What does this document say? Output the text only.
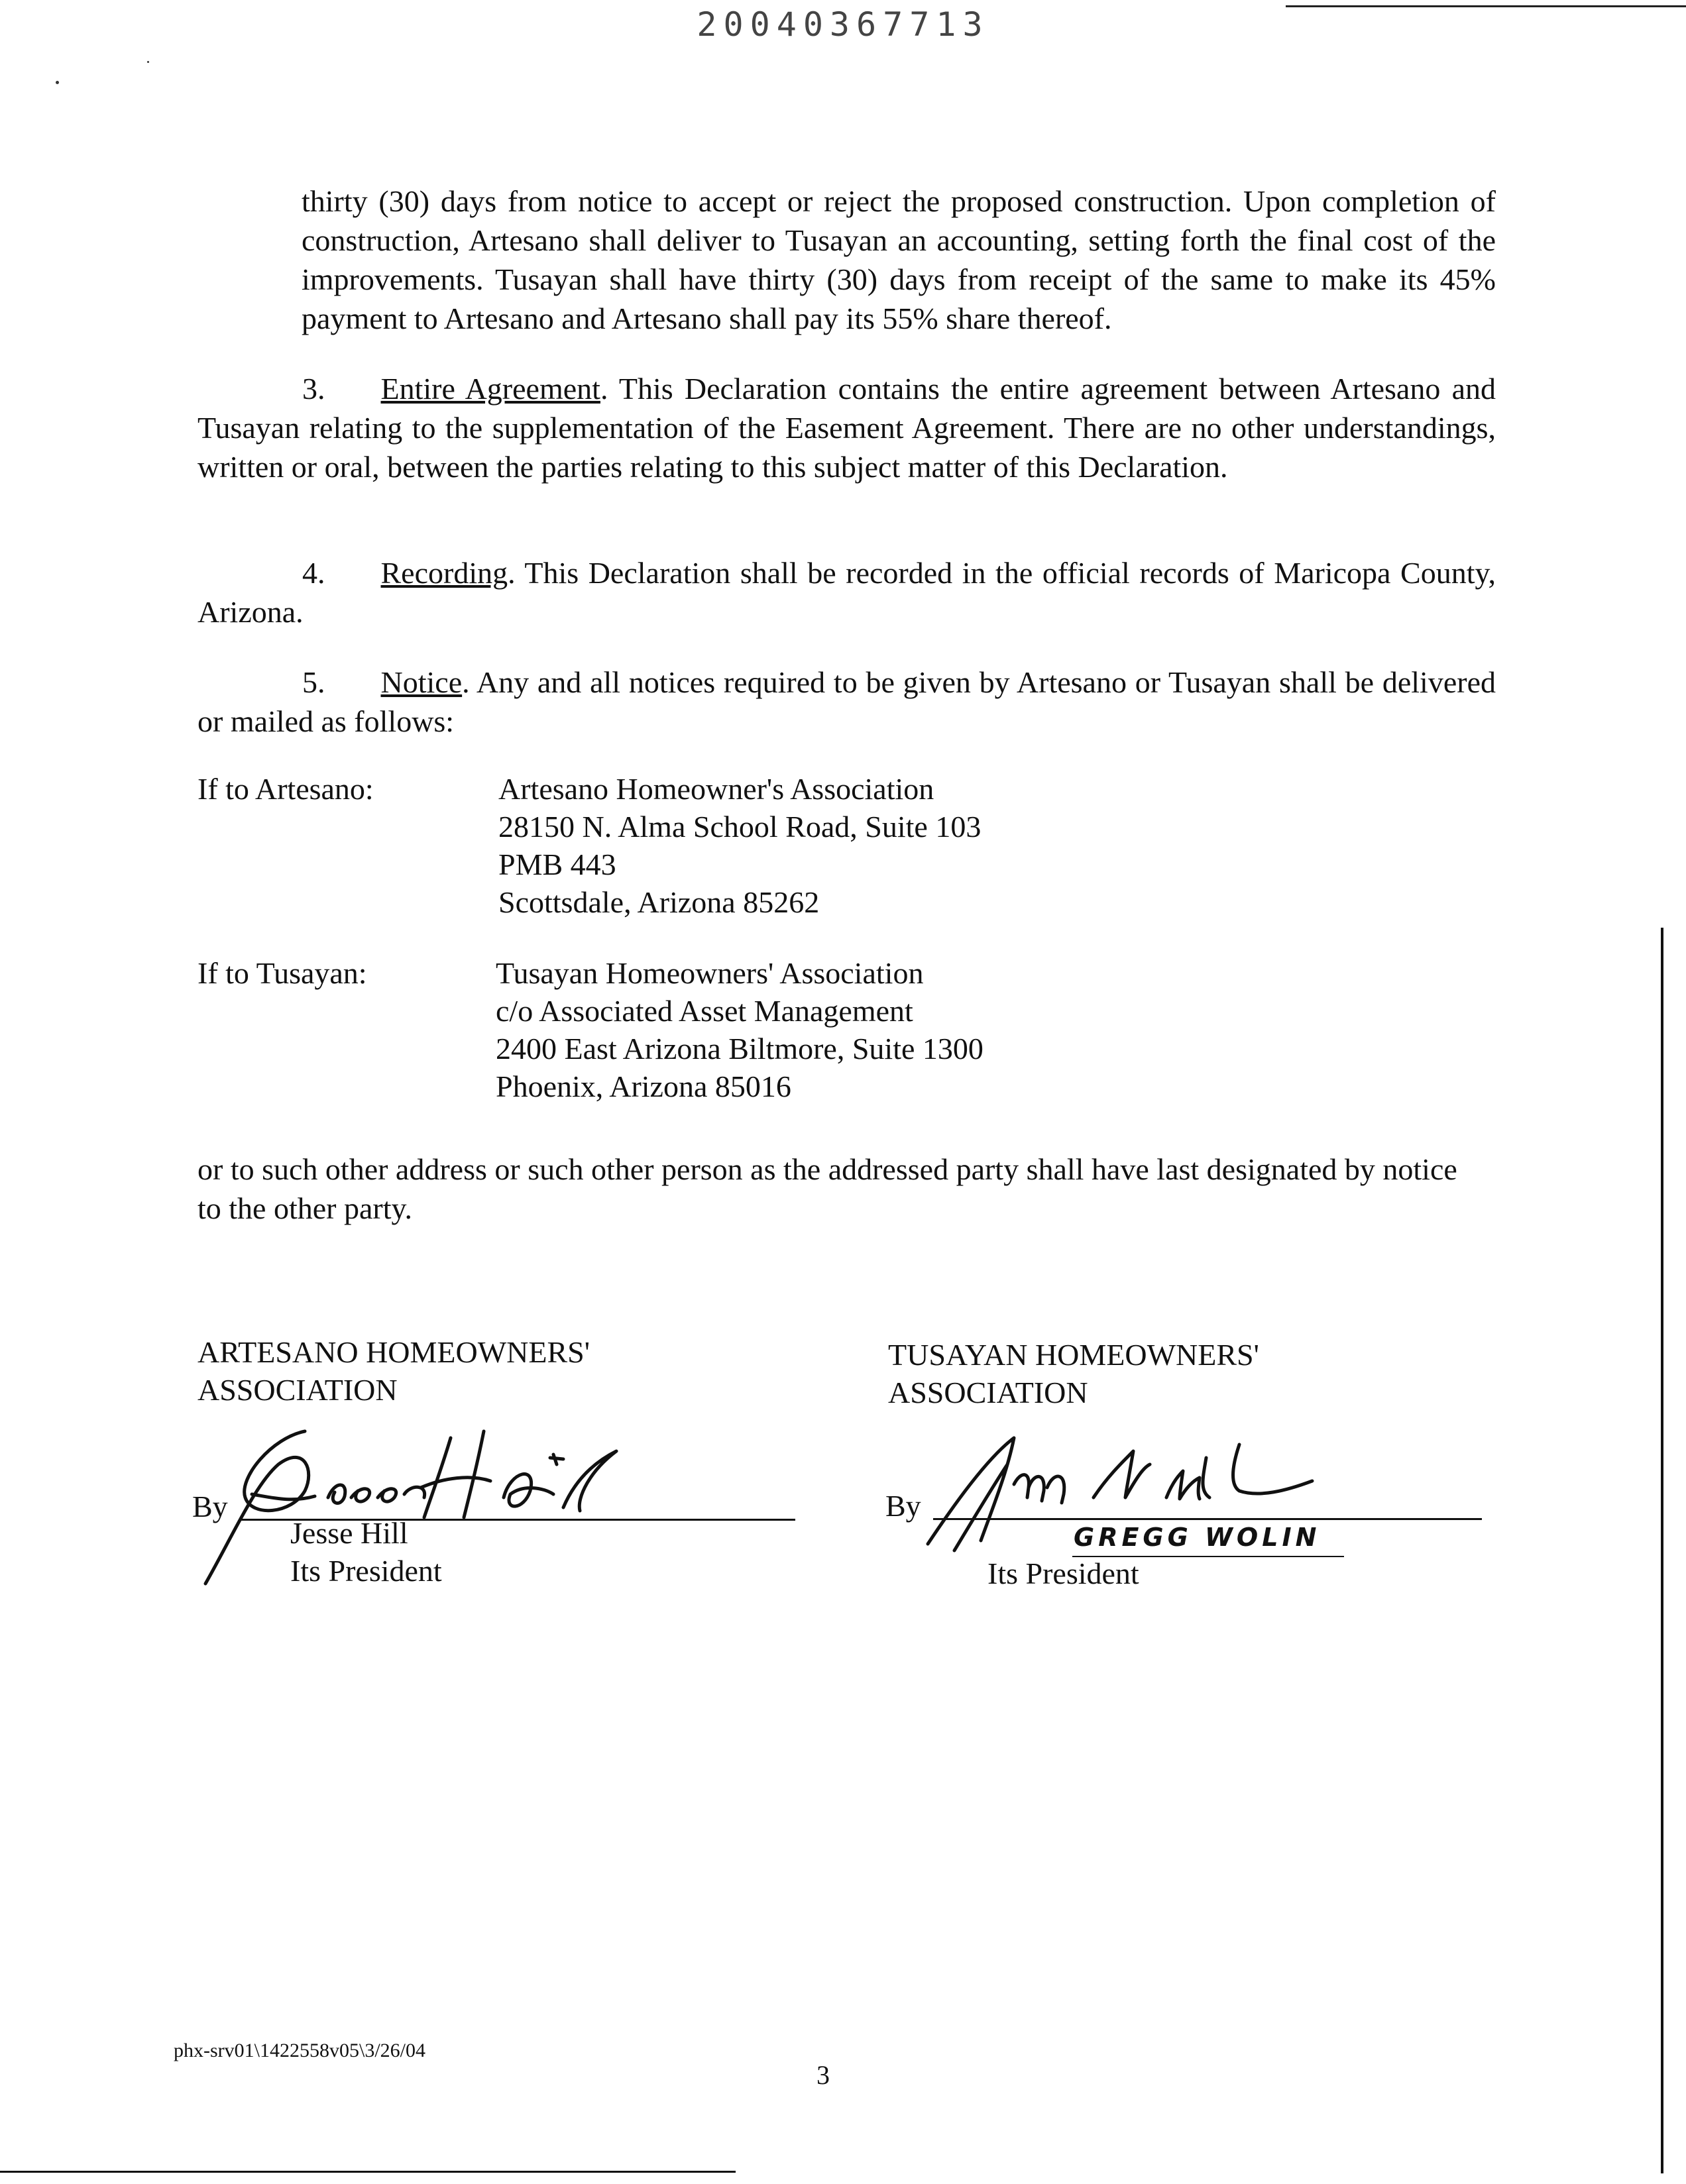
20040367713
thirty (30) days from notice to accept or reject the proposed construction. Upon completion of construction, Artesano shall deliver to Tusayan an accounting, setting forth the final cost of the improvements. Tusayan shall have thirty (30) days from receipt of the same to make its 45% payment to Artesano and Artesano shall pay its 55% share thereof.
3. Entire Agreement. This Declaration contains the entire agreement between Artesano and Tusayan relating to the supplementation of the Easement Agreement. There are no other understandings, written or oral, between the parties relating to this subject matter of this Declaration.
4. Recording. This Declaration shall be recorded in the official records of Maricopa County, Arizona.
5. Notice. Any and all notices required to be given by Artesano or Tusayan shall be delivered or mailed as follows:
If to Artesano:	Artesano Homeowner's Association
28150 N. Alma School Road, Suite 103
PMB 443
Scottsdale, Arizona 85262
If to Tusayan:	Tusayan Homeowners' Association
c/o Associated Asset Management
2400 East Arizona Biltmore, Suite 1300
Phoenix, Arizona 85016
or to such other address or such other person as the addressed party shall have last designated by notice to the other party.
ARTESANO HOMEOWNERS'
ASSOCIATION
By
Jesse Hill
Its President
TUSAYAN HOMEOWNERS'
ASSOCIATION
By
GREGG WOLIN
Its President
phx-srv01\1422558v05\3/26/04
3
